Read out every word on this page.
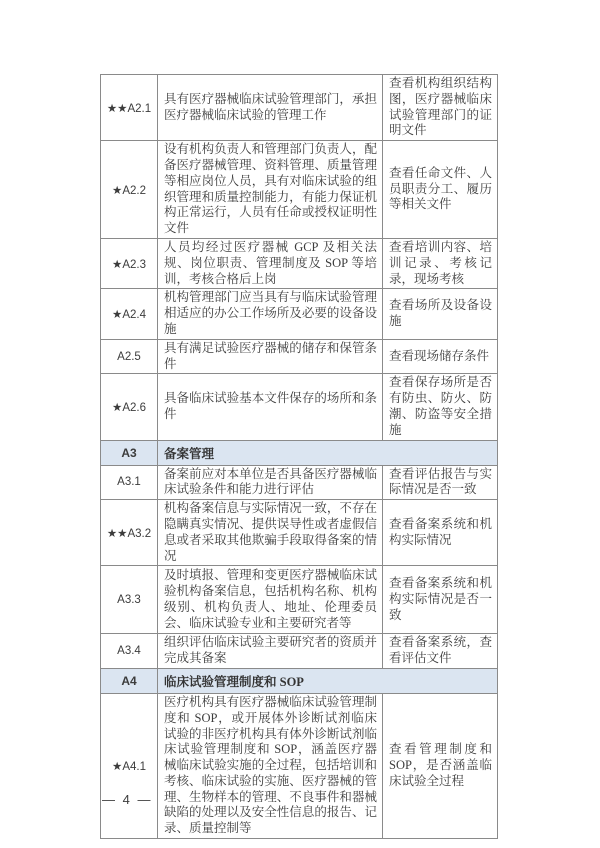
★★A2.1	具有医疗器械临床试验管理部门，承担医疗器械临床试验的管理工作	查看机构组织结构图，医疗器械临床试验管理部门的证明文件
★A2.2	设有机构负责人和管理部门负责人，配备医疗器械管理、资料管理、质量管理等相应岗位人员，具有对临床试验的组织管理和质量控制能力，有能力保证机构正常运行，人员有任命或授权证明性文件	查看任命文件、人员职责分工、履历等相关文件
★A2.3	人员均经过医疗器械 GCP 及相关法规、岗位职责、管理制度及 SOP 等培训，考核合格后上岗	查看培训内容、培训记录、考核记录，现场考核
★A2.4	机构管理部门应当具有与临床试验管理相适应的办公工作场所及必要的设备设施	查看场所及设备设施
A2.5	具有满足试验医疗器械的储存和保管条件	查看现场储存条件
★A2.6	具备临床试验基本文件保存的场所和条件	查看保存场所是否有防虫、防火、防潮、防盗等安全措施
A3	备案管理	
A3.1	备案前应对本单位是否具备医疗器械临床试验条件和能力进行评估	查看评估报告与实际情况是否一致
★★A3.2	机构备案信息与实际情况一致，不存在隐瞒真实情况、提供误导性或者虚假信息或者采取其他欺骗手段取得备案的情况	查看备案系统和机构实际情况
A3.3	及时填报、管理和变更医疗器械临床试验机构备案信息，包括机构名称、机构级别、机构负责人、地址、伦理委员会、临床试验专业和主要研究者等	查看备案系统和机构实际情况是否一致
A3.4	组织评估临床试验主要研究者的资质并完成其备案	查看备案系统，查看评估文件
A4	临床试验管理制度和 SOP	
★A4.1	医疗机构具有医疗器械临床试验管理制度和 SOP，或开展体外诊断试剂临床试验的非医疗机构具有体外诊断试剂临床试验管理制度和 SOP，涵盖医疗器械临床试验实施的全过程，包括培训和考核、临床试验的实施、医疗器械的管理、生物样本的管理、不良事件和器械缺陷的处理以及安全性信息的报告、记录、质量控制等	查看管理制度和 SOP，是否涵盖临床试验全过程
— 4 —
